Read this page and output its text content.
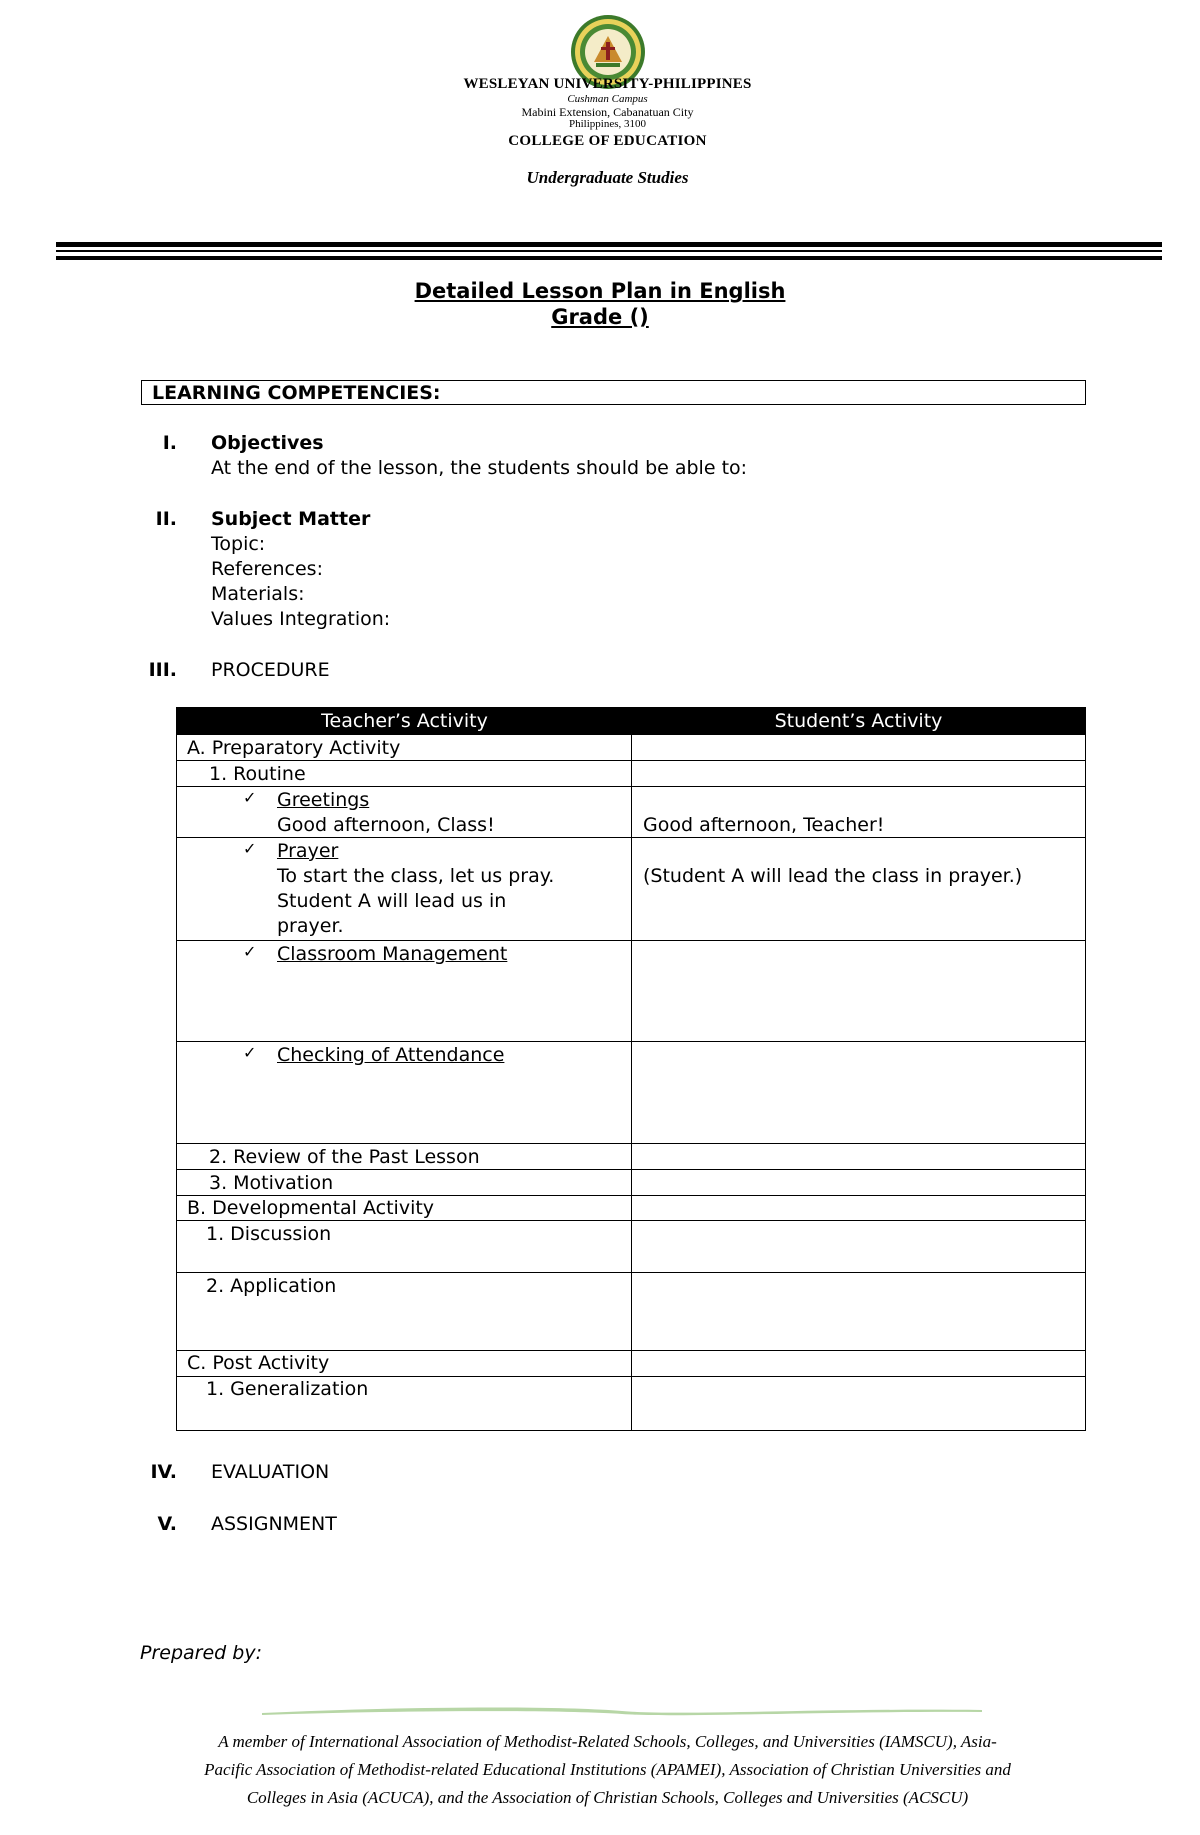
WESLEYAN UNIVERSITY-PHILIPPINES
Cushman Campus
Mabini Extension, Cabanatuan City
Philippines, 3100
COLLEGE OF EDUCATION
Undergraduate Studies
Detailed Lesson Plan in English
Grade ()
LEARNING COMPETENCIES:
I. Objectives
At the end of the lesson, the students should be able to:
II. Subject Matter
Topic:
References:
Materials:
Values Integration:
III. PROCEDURE
Teacher’s Activity	Student’s Activity
A. Preparatory Activity
1. Routine
✓ Greetings
Good afternoon, Class!	Good afternoon, Teacher!
✓ Prayer
To start the class, let us pray.
Student A will lead us in
prayer.
(Student A will lead the class in prayer.)
✓ Classroom Management
✓ Checking of Attendance
2. Review of the Past Lesson
3. Motivation
B. Developmental Activity
1. Discussion
2. Application
C. Post Activity
1. Generalization
IV. EVALUATION
V. ASSIGNMENT
Prepared by:
A member of International Association of Methodist-Related Schools, Colleges, and Universities (IAMSCU), Asia-
Pacific Association of Methodist-related Educational Institutions (APAMEI), Association of Christian Universities and
Colleges in Asia (ACUCA), and the Association of Christian Schools, Colleges and Universities (ACSCU)
